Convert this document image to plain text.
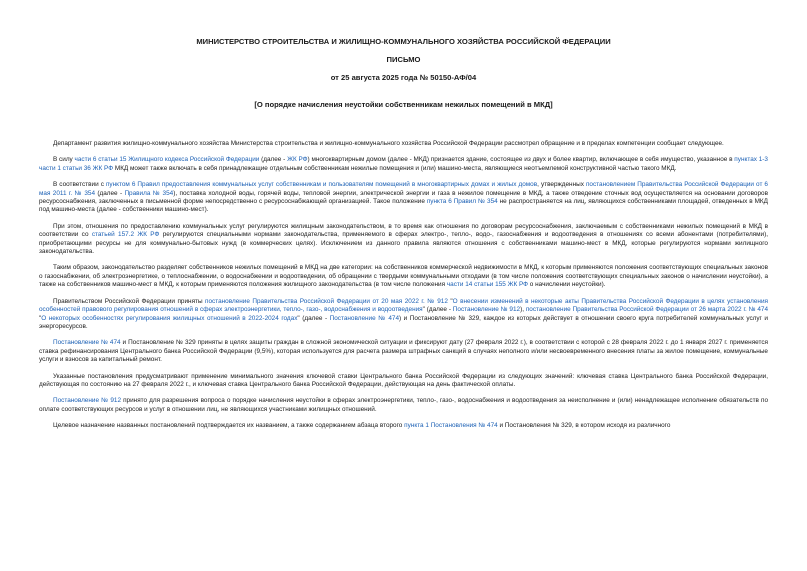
МИНИСТЕРСТВО СТРОИТЕЛЬСТВА И ЖИЛИЩНО-КОММУНАЛЬНОГО ХОЗЯЙСТВА РОССИЙСКОЙ ФЕДЕРАЦИИ
ПИСЬМО
от 25 августа 2025 года № 50150-АФ/04
[О порядке начисления неустойки собственникам нежилых помещений в МКД]

Департамент развития жилищно-коммунального хозяйства Министерства строительства и жилищно-коммунального хозяйства Российской Федерации рассмотрел обращение и в пределах компетенции сообщает следующее.

В силу части 6 статьи 15 Жилищного кодекса Российской Федерации (далее - ЖК РФ) многоквартирным домом (далее - МКД) признается здание, состоящее из двух и более квартир, включающее в себя имущество, указанное в пунктах 1-3 части 1 статьи 36 ЖК РФ МКД может также включать в себя принадлежащие отдельным собственникам нежилые помещения и (или) машино-места, являющиеся неотъемлемой конструктивной частью такого МКД.

В соответствии с пунктом 6 Правил предоставления коммунальных услуг собственникам и пользователям помещений в многоквартирных домах и жилых домов, утвержденных постановлением Правительства Российской Федерации от 6 мая 2011 г. № 354 (далее - Правила № 354), поставка холодной воды, горячей воды, тепловой энергии, электрической энергии и газа в нежилое помещение в МКД, а также отведение сточных вод осуществляется на основании договоров ресурсоснабжения, заключенных в письменной форме непосредственно с ресурсоснабжающей организацией. Такое положение пункта 6 Правил № 354 не распространяется на лиц, являющихся собственниками площадей, отведенных в МКД под машино-места (далее - собственники машино-мест).

При этом, отношения по предоставлению коммунальных услуг регулируются жилищным законодательством, в то время как отношения по договорам ресурсоснабжения, заключаемым с собственниками нежилых помещений в МКД в соответствии со статьей 157.2 ЖК РФ регулируются специальными нормами законодательства, применяемого в сферах электро-, тепло-, водо-, газоснабжения и водоотведения в отношениях со всеми абонентами (потребителями), приобретающими ресурсы не для коммунально-бытовых нужд (в коммерческих целях). Исключением из данного правила являются отношения с собственниками машино-мест в МКД, которые регулируются нормами жилищного законодательства.

Таким образом, законодательство разделяет собственников нежилых помещений в МКД на две категории: на собственников коммерческой недвижимости в МКД, к которым применяются положения соответствующих специальных законов о газоснабжении, об электроэнергетике, о теплоснабжении, о водоснабжении и водоотведении, об обращении с твердыми коммунальными отходами (в том числе положения соответствующих специальных законов о начислении неустойки), а также на собственников машино-мест в МКД, к которым применяются положения жилищного законодательства (в том числе положения части 14 статьи 155 ЖК РФ о начислении неустойки).

Правительством Российской Федерации приняты постановление Правительства Российской Федерации от 20 мая 2022 г. № 912 "О внесении изменений в некоторые акты Правительства Российской Федерации в целях установления особенностей правового регулирования отношений в сферах электроэнергетики, тепло-, газо-, водоснабжения и водоотведения" (далее - Постановление № 912), постановление Правительства Российской Федерации от 26 марта 2022 г. № 474 "О некоторых особенностях регулирования жилищных отношений в 2022-2024 годах" (далее - Постановление № 474) и Постановление № 329, каждое из которых действует в отношении своего круга потребителей коммунальных услуг и энергоресурсов.

Постановление № 474 и Постановление № 329 приняты в целях защиты граждан в сложной экономической ситуации и фиксируют дату (27 февраля 2022 г.), в соответствии с которой с 28 февраля 2022 г. до 1 января 2027 г. применяется ставка рефинансирования Центрального банка Российской Федерации (9,5%), которая используется для расчета размера штрафных санкций в случаях неполного и/или несвоевременного внесения платы за жилое помещение, коммунальные услуги и взносов за капитальный ремонт.

Указанные постановления предусматривают применение минимального значения ключевой ставки Центрального банка Российской Федерации из следующих значений: ключевая ставка Центрального банка Российской Федерации, действующая по состоянию на 27 февраля 2022 г., и ключевая ставка Центрального банка Российской Федерации, действующая на день фактической оплаты.

Постановление № 912 принято для разрешения вопроса о порядке начисления неустойки в сферах электроэнергетики, тепло-, газо-, водоснабжения и водоотведения за неисполнение и (или) ненадлежащее исполнение обязательств по оплате соответствующих ресурсов и услуг в отношении лиц, не являющихся участниками жилищных отношений.

Целевое назначение названных постановлений подтверждается их названием, а также содержанием абзаца второго пункта 1 Постановления № 474 и Постановления № 329, в котором исходя из различного
